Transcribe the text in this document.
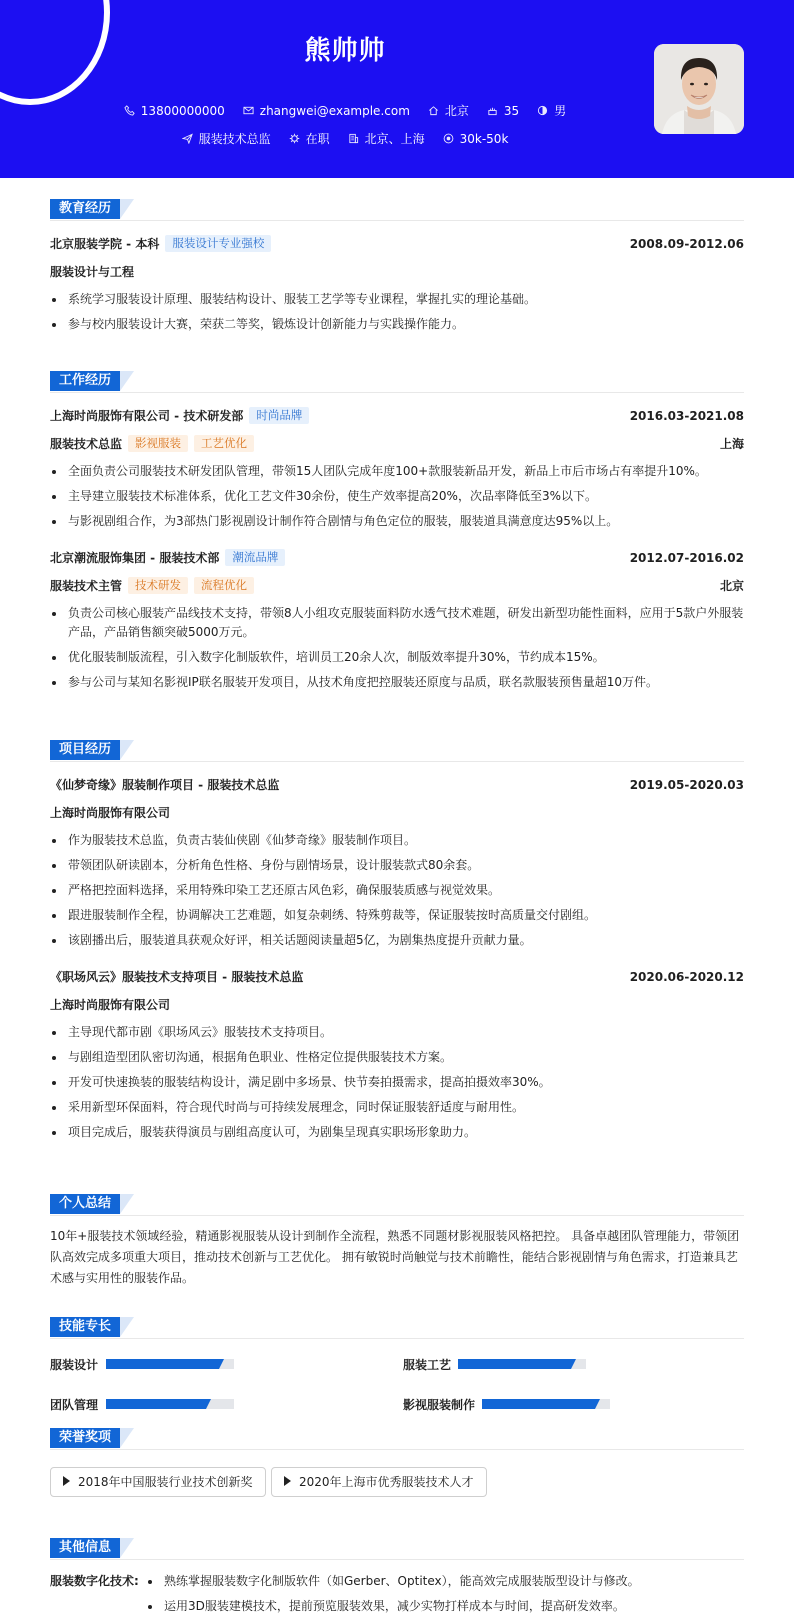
熊帅帅
13800000000	zhangwei@example.com	北京	35	男
服装技术总监	在职	北京、上海	30k-50k
教育经历
北京服装学院 - 本科 服装设计专业强校	2008.09-2012.06
服装设计与工程
系统学习服装设计原理、服装结构设计、服装工艺学等专业课程，掌握扎实的理论基础。
参与校内服装设计大赛，荣获二等奖，锻炼设计创新能力与实践操作能力。
工作经历
上海时尚服饰有限公司 - 技术研发部 时尚品牌	2016.03-2021.08
服装技术总监 影视服装 工艺优化	上海
全面负责公司服装技术研发团队管理，带领15人团队完成年度100+款服装新品开发，新品上市后市场占有率提升10%。
主导建立服装技术标准体系，优化工艺文件30余份，使生产效率提高20%，次品率降低至3%以下。
与影视剧组合作，为3部热门影视剧设计制作符合剧情与角色定位的服装，服装道具满意度达95%以上。
北京潮流服饰集团 - 服装技术部 潮流品牌	2012.07-2016.02
服装技术主管 技术研发 流程优化	北京
负责公司核心服装产品线技术支持，带领8人小组攻克服装面料防水透气技术难题，研发出新型功能性面料，应用于5款户外服装产品，产品销售额突破5000万元。
优化服装制版流程，引入数字化制版软件，培训员工20余人次，制版效率提升30%，节约成本15%。
参与公司与某知名影视IP联名服装开发项目，从技术角度把控服装还原度与品质，联名款服装预售量超10万件。
项目经历
《仙梦奇缘》服装制作项目 - 服装技术总监	2019.05-2020.03
上海时尚服饰有限公司
作为服装技术总监，负责古装仙侠剧《仙梦奇缘》服装制作项目。
带领团队研读剧本，分析角色性格、身份与剧情场景，设计服装款式80余套。
严格把控面料选择，采用特殊印染工艺还原古风色彩，确保服装质感与视觉效果。
跟进服装制作全程，协调解决工艺难题，如复杂刺绣、特殊剪裁等，保证服装按时高质量交付剧组。
该剧播出后，服装道具获观众好评，相关话题阅读量超5亿，为剧集热度提升贡献力量。
《职场风云》服装技术支持项目 - 服装技术总监	2020.06-2020.12
上海时尚服饰有限公司
主导现代都市剧《职场风云》服装技术支持项目。
与剧组造型团队密切沟通，根据角色职业、性格定位提供服装技术方案。
开发可快速换装的服装结构设计，满足剧中多场景、快节奏拍摄需求，提高拍摄效率30%。
采用新型环保面料，符合现代时尚与可持续发展理念，同时保证服装舒适度与耐用性。
项目完成后，服装获得演员与剧组高度认可，为剧集呈现真实职场形象助力。
个人总结
10年+服装技术领域经验，精通影视服装从设计到制作全流程，熟悉不同题材影视服装风格把控。 具备卓越团队管理能力，带领团队高效完成多项重大项目，推动技术创新与工艺优化。 拥有敏锐时尚触觉与技术前瞻性，能结合影视剧情与角色需求，打造兼具艺术感与实用性的服装作品。
技能专长
服装设计	服装工艺
团队管理	影视服装制作
荣誉奖项
2018年中国服装行业技术创新奖	2020年上海市优秀服装技术人才
其他信息
服装数字化技术:	熟练掌握服装数字化制版软件（如Gerber、Optitex），能高效完成服装版型设计与修改。
运用3D服装建模技术，提前预览服装效果，减少实物打样成本与时间，提高研发效率。
